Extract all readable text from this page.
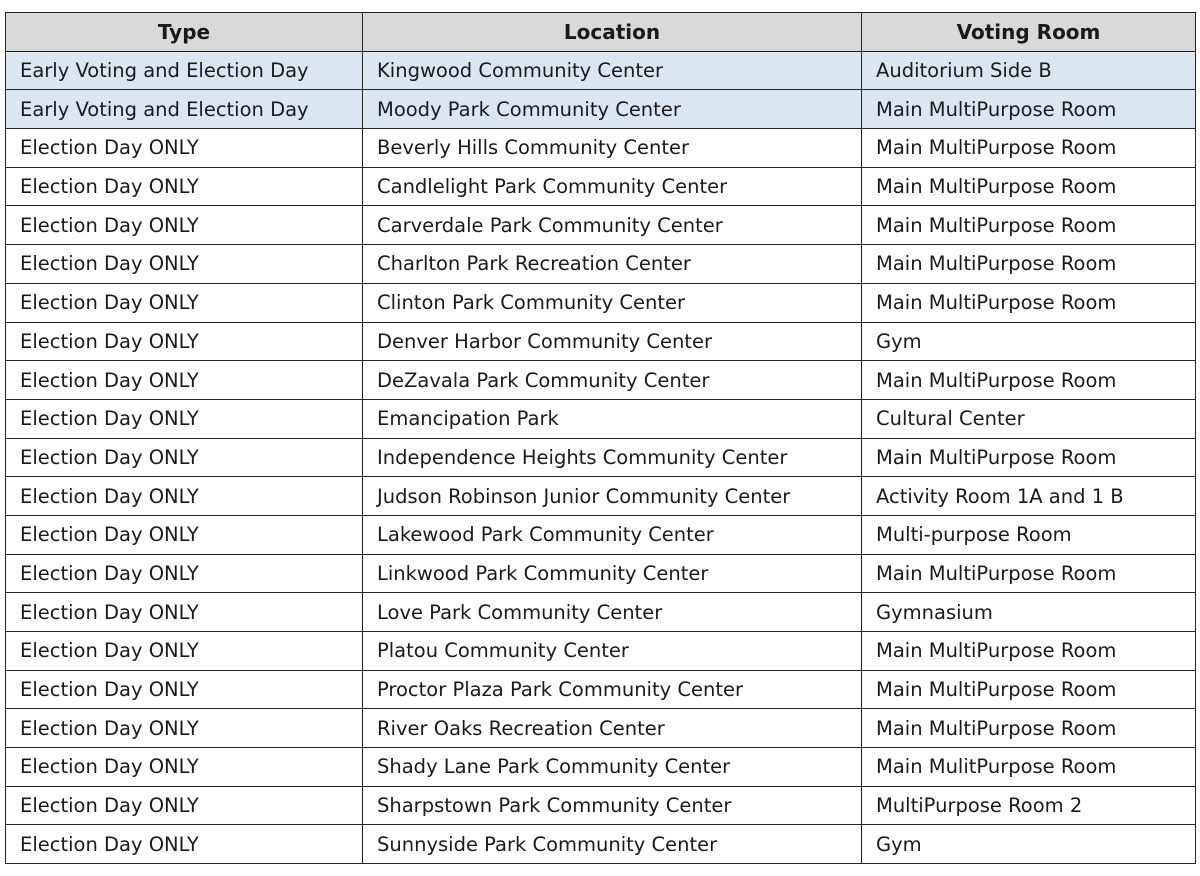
Type	Location	Voting Room
Early Voting and Election Day	Kingwood Community Center	Auditorium Side B
Early Voting and Election Day	Moody Park Community Center	Main MultiPurpose Room
Election Day ONLY	Beverly Hills Community Center	Main MultiPurpose Room
Election Day ONLY	Candlelight Park Community Center	Main MultiPurpose Room
Election Day ONLY	Carverdale Park Community Center	Main MultiPurpose Room
Election Day ONLY	Charlton Park Recreation Center	Main MultiPurpose Room
Election Day ONLY	Clinton Park Community Center	Main MultiPurpose Room
Election Day ONLY	Denver Harbor Community Center	Gym
Election Day ONLY	DeZavala Park Community Center	Main MultiPurpose Room
Election Day ONLY	Emancipation Park	Cultural Center
Election Day ONLY	Independence Heights Community Center	Main MultiPurpose Room
Election Day ONLY	Judson Robinson Junior Community Center	Activity Room 1A and 1 B
Election Day ONLY	Lakewood Park Community Center	Multi-purpose Room
Election Day ONLY	Linkwood Park Community Center	Main MultiPurpose Room
Election Day ONLY	Love Park Community Center	Gymnasium
Election Day ONLY	Platou Community Center	Main MultiPurpose Room
Election Day ONLY	Proctor Plaza Park Community Center	Main MultiPurpose Room
Election Day ONLY	River Oaks Recreation Center	Main MultiPurpose Room
Election Day ONLY	Shady Lane Park Community Center	Main MulitPurpose Room
Election Day ONLY	Sharpstown Park Community Center	MultiPurpose Room 2
Election Day ONLY	Sunnyside Park Community Center	Gym
